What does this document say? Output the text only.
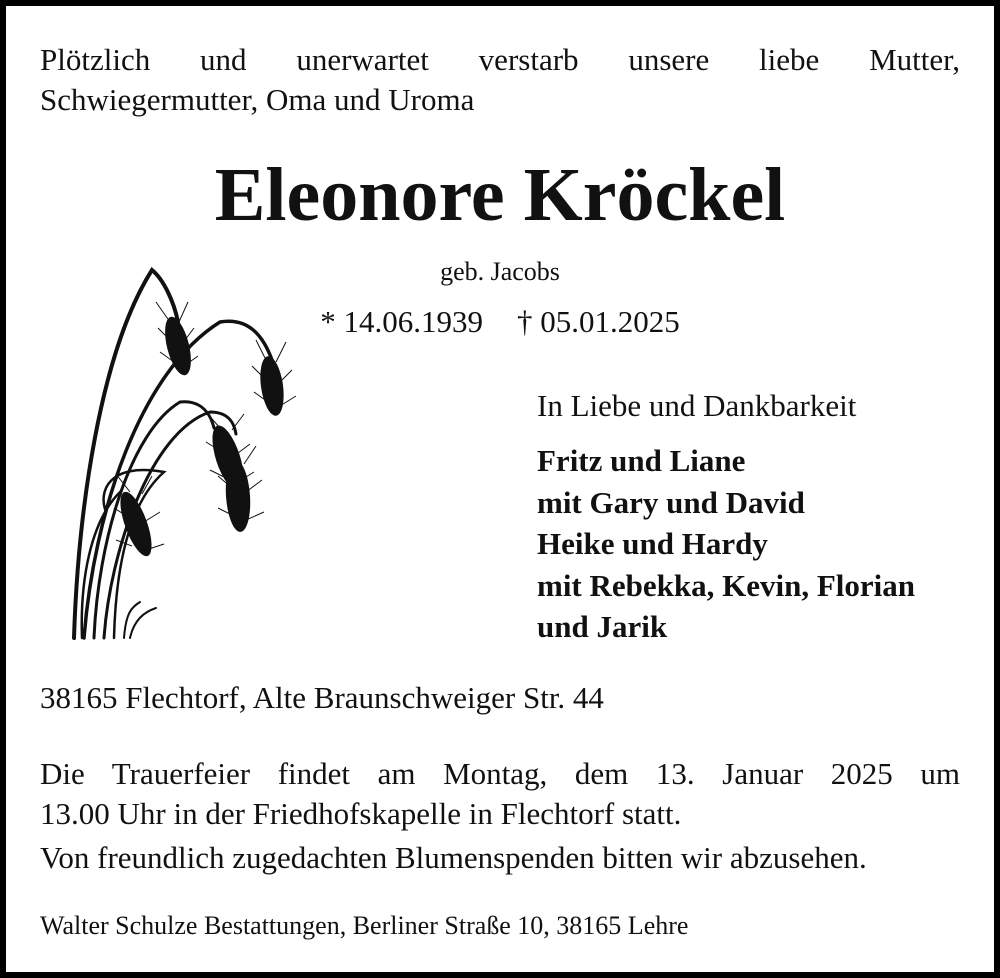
Plötzlich und unerwartet verstarb unsere liebe Mutter,
Schwiegermutter, Oma und Uroma
Eleonore Kröckel
geb. Jacobs
* 14.06.1939 † 05.01.2025
In Liebe und Dankbarkeit
Fritz und Liane
mit Gary und David
Heike und Hardy
mit Rebekka, Kevin, Florian
und Jarik
38165 Flechtorf, Alte Braunschweiger Str. 44
Die Trauerfeier findet am Montag, dem 13. Januar 2025 um
13.00 Uhr in der Friedhofskapelle in Flechtorf statt.
Von freundlich zugedachten Blumenspenden bitten wir abzusehen.
Walter Schulze Bestattungen, Berliner Straße 10, 38165 Lehre
